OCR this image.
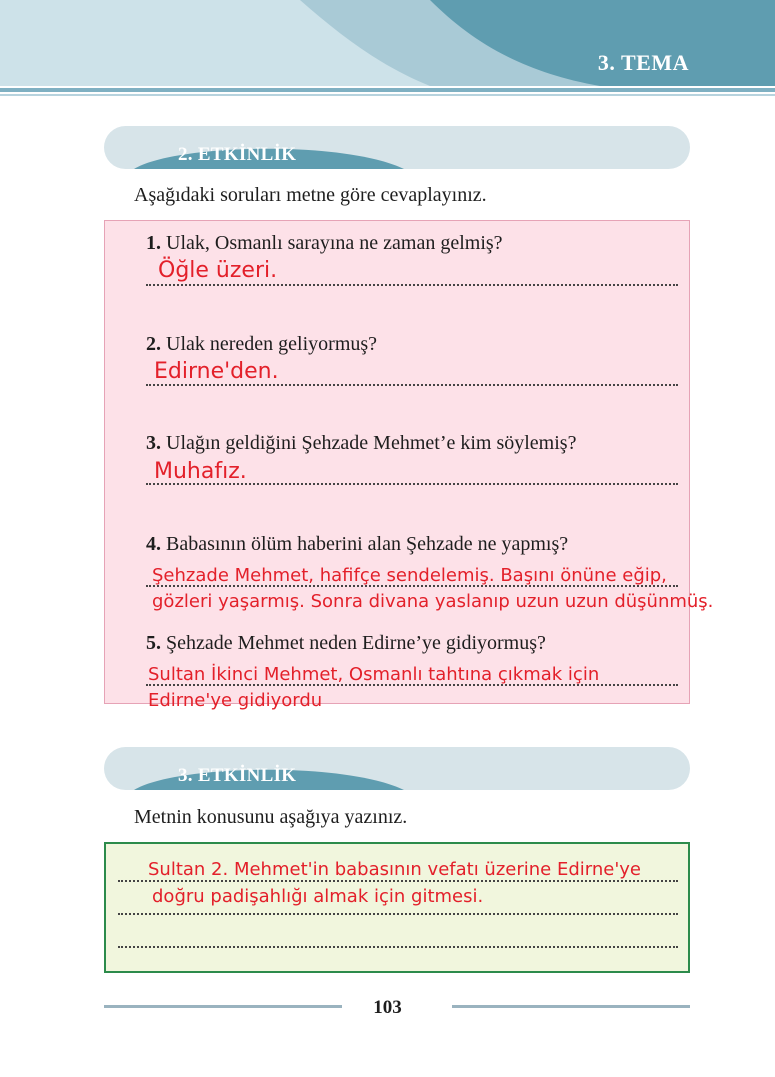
3. TEMA
2. ETKİNLİK
Aşağıdaki soruları metne göre cevaplayınız.
1. Ulak, Osmanlı sarayına ne zaman gelmiş?
Öğle üzeri.
2. Ulak nereden geliyormuş?
Edirne'den.
3. Ulağın geldiğini Şehzade Mehmet’e kim söylemiş?
Muhafız.
4. Babasının ölüm haberini alan Şehzade ne yapmış?
Şehzade Mehmet, hafifçe sendelemiş. Başını önüne eğip,
gözleri yaşarmış. Sonra divana yaslanıp uzun uzun düşünmüş.
5. Şehzade Mehmet neden Edirne’ye gidiyormuş?
Sultan İkinci Mehmet, Osmanlı tahtına çıkmak için
Edirne'ye gidiyordu
3. ETKİNLİK
Metnin konusunu aşağıya yazınız.
Sultan 2. Mehmet'in babasının vefatı üzerine Edirne'ye
doğru padişahlığı almak için gitmesi.
103
